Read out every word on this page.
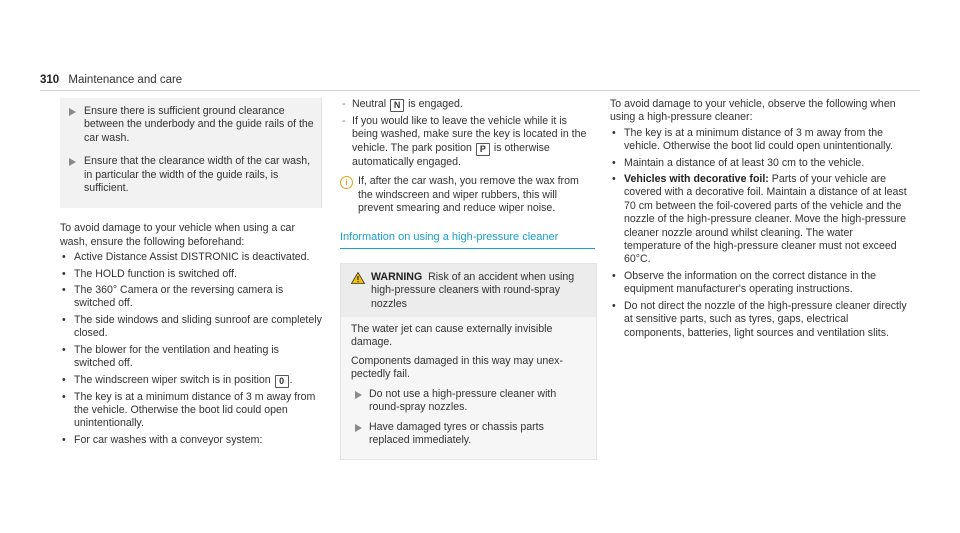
310 Maintenance and care
Ensure there is sufficient ground clearance between the underbody and the guide rails of the car wash.
Ensure that the clearance width of the car wash, in particular the width of the guide rails, is sufficient.

To avoid damage to your vehicle when using a car wash, ensure the following beforehand:

• Active Distance Assist DISTRONIC is deactivated.
• The HOLD function is switched off.
• The 360° Camera or the reversing camera is switched off.
• The side windows and sliding sunroof are completely closed.
• The blower for the ventilation and heating is switched off.
• The windscreen wiper switch is in position 0 .
• The key is at a minimum distance of 3 m away from the vehicle. Otherwise the boot lid could open unintentionally.
• For car washes with a conveyor system:
- Neutral N is engaged.
- If you would like to leave the vehicle while it is being washed, make sure the key is located in the vehicle. The park position P is otherwise automatically engaged.
i If, after the car wash, you remove the wax from the windscreen and wiper rubbers, this will prevent smearing and reduce wiper noise.
Information on using a high-pressure cleaner
WARNING Risk of an accident when using high-pressure cleaners with round-spray nozzles

The water jet can cause externally invisible damage.

Components damaged in this way may unexpectedly fail.

Do not use a high-pressure cleaner with round-spray nozzles.
Have damaged tyres or chassis parts replaced immediately.

To avoid damage to your vehicle, observe the following when using a high-pressure cleaner:

• The key is at a minimum distance of 3 m away from the vehicle. Otherwise the boot lid could open unintentionally.
• Maintain a distance of at least 30 cm to the vehicle.
• Vehicles with decorative foil: Parts of your vehicle are covered with a decorative foil. Maintain a distance of at least 70 cm between the foil-covered parts of the vehicle and the nozzle of the high-pressure cleaner. Move the high-pressure cleaner nozzle around whilst cleaning. The water temperature of the high-pressure cleaner must not exceed 60°C.
• Observe the information on the correct distance in the equipment manufacturer's operating instructions.
• Do not direct the nozzle of the high-pressure cleaner directly at sensitive parts, such as tyres, gaps, electrical components, batteries, light sources and ventilation slits.
